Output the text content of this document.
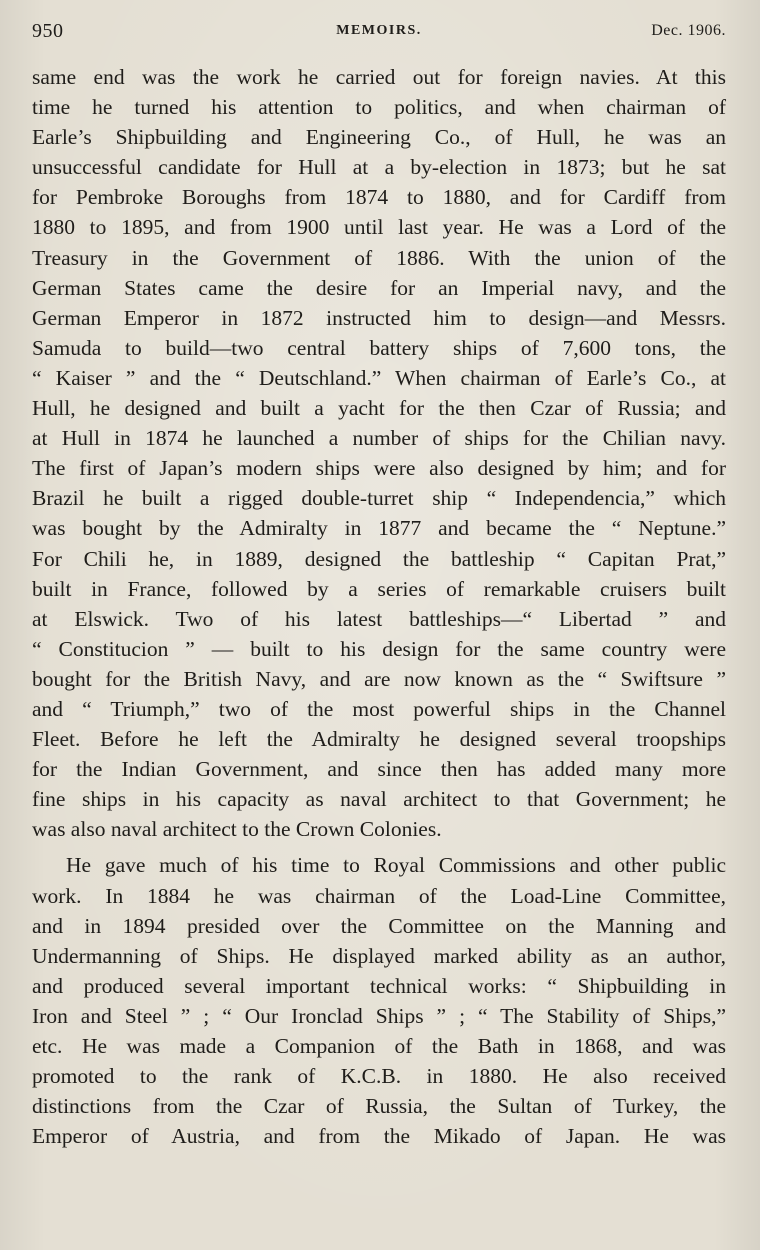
950	MEMOIRS.	Dec. 1906.
same end was the work he carried out for foreign navies. At this
time he turned his attention to politics, and when chairman of
Earle’s Shipbuilding and Engineering Co., of Hull, he was an
unsuccessful candidate for Hull at a by-election in 1873; but he sat
for Pembroke Boroughs from 1874 to 1880, and for Cardiff from
1880 to 1895, and from 1900 until last year. He was a Lord of the
Treasury in the Government of 1886. With the union of the
German States came the desire for an Imperial navy, and the
German Emperor in 1872 instructed him to design—and Messrs.
Samuda to build—two central battery ships of 7,600 tons, the
“ Kaiser ” and the “ Deutschland.” When chairman of Earle’s Co., at
Hull, he designed and built a yacht for the then Czar of Russia; and
at Hull in 1874 he launched a number of ships for the Chilian navy.
The first of Japan’s modern ships were also designed by him; and for
Brazil he built a rigged double-turret ship “ Independencia,” which
was bought by the Admiralty in 1877 and became the “ Neptune.”
For Chili he, in 1889, designed the battleship “ Capitan Prat,”
built in France, followed by a series of remarkable cruisers built
at Elswick. Two of his latest battleships—“ Libertad ” and
“ Constitucion ” — built to his design for the same country were
bought for the British Navy, and are now known as the “ Swiftsure ”
and “ Triumph,” two of the most powerful ships in the Channel
Fleet. Before he left the Admiralty he designed several troopships
for the Indian Government, and since then has added many more
fine ships in his capacity as naval architect to that Government; he
was also naval architect to the Crown Colonies.
He gave much of his time to Royal Commissions and other public
work. In 1884 he was chairman of the Load-Line Committee,
and in 1894 presided over the Committee on the Manning and
Undermanning of Ships. He displayed marked ability as an author,
and produced several important technical works: “ Shipbuilding in
Iron and Steel ” ; “ Our Ironclad Ships ” ; “ The Stability of Ships,”
etc. He was made a Companion of the Bath in 1868, and was
promoted to the rank of K.C.B. in 1880. He also received
distinctions from the Czar of Russia, the Sultan of Turkey, the
Emperor of Austria, and from the Mikado of Japan. He was
